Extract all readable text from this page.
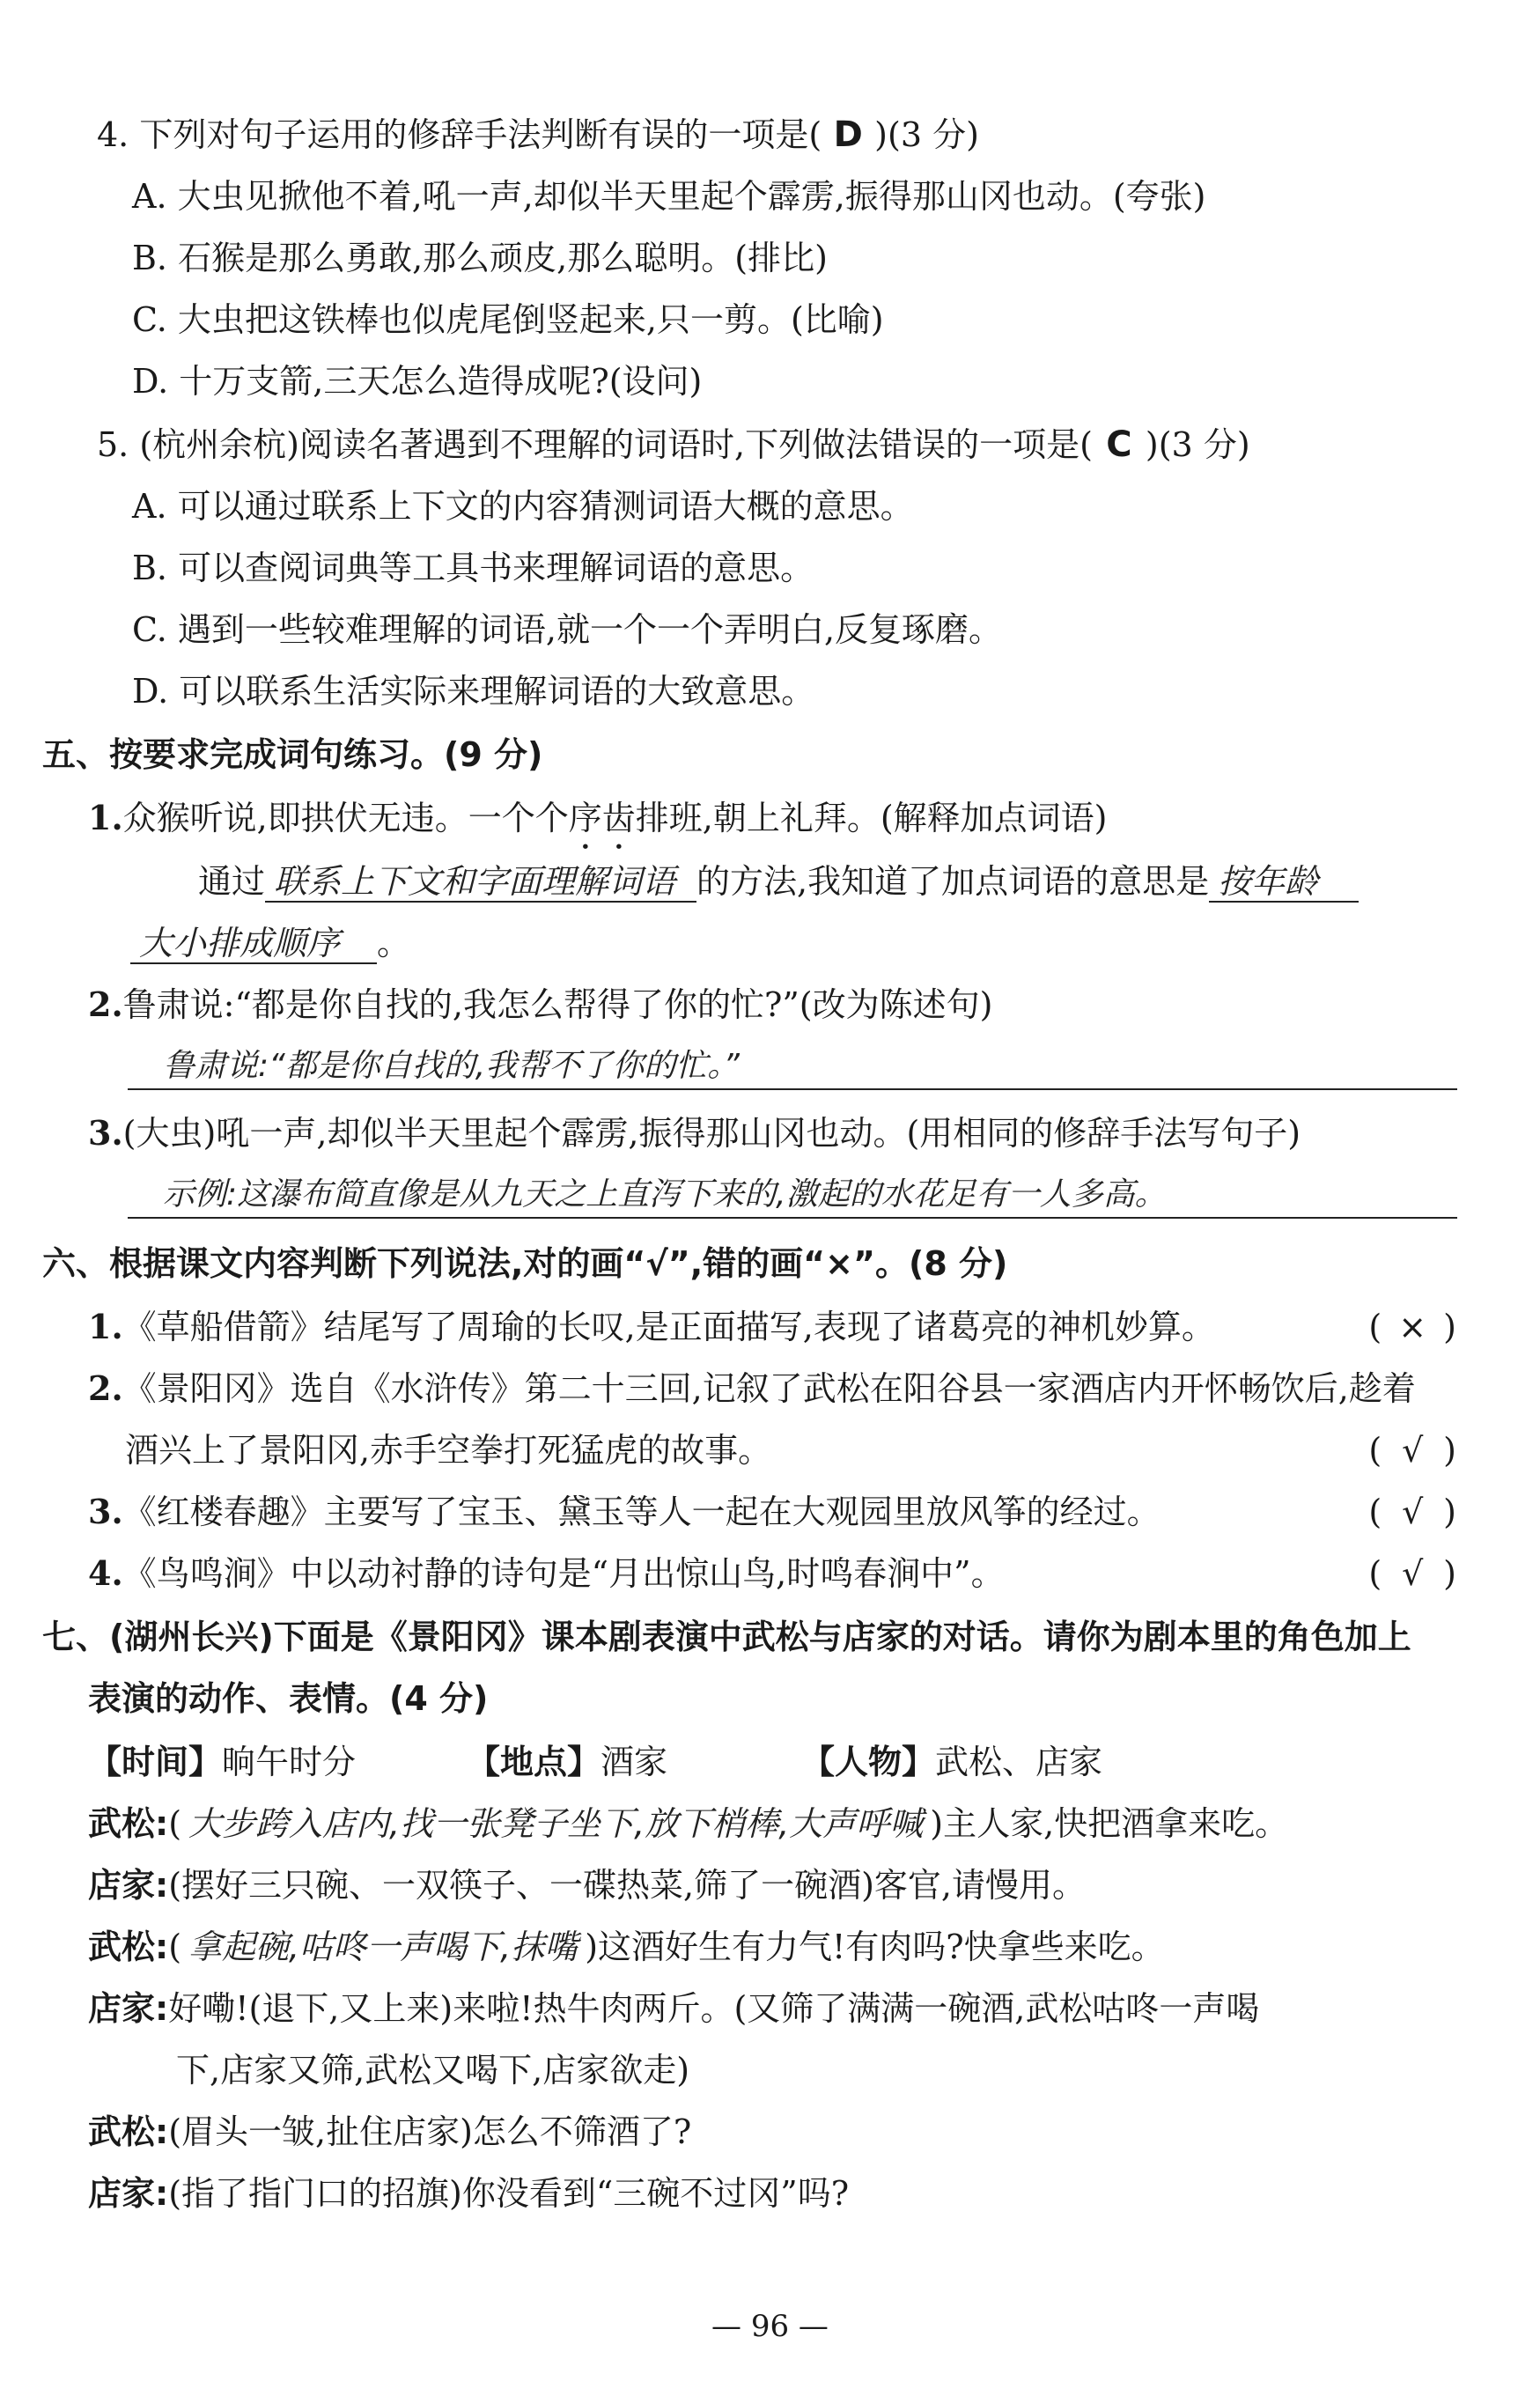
4. 下列对句子运用的修辞手法判断有误的一项是( D )(3 分)
A. 大虫见掀他不着,吼一声,却似半天里起个霹雳,振得那山冈也动。(夸张)
B. 石猴是那么勇敢,那么顽皮,那么聪明。(排比)
C. 大虫把这铁棒也似虎尾倒竖起来,只一剪。(比喻)
D. 十万支箭,三天怎么造得成呢?(设问)
5. (杭州余杭)阅读名著遇到不理解的词语时,下列做法错误的一项是( C )(3 分)
A. 可以通过联系上下文的内容猜测词语大概的意思。
B. 可以查阅词典等工具书来理解词语的意思。
C. 遇到一些较难理解的词语,就一个一个弄明白,反复琢磨。
D. 可以联系生活实际来理解词语的大致意思。
五、按要求完成词句练习。(9 分)
1.众猴听说,即拱伏无违。一个个序齿排班,朝上礼拜。(解释加点词语)
通过 联系上下文和字面理解词语 的方法,我知道了加点词语的意思是 按年龄
大小排成顺序 。
2.鲁肃说:“都是你自找的,我怎么帮得了你的忙?”(改为陈述句)
鲁肃说:“都是你自找的,我帮不了你的忙。”
3.(大虫)吼一声,却似半天里起个霹雳,振得那山冈也动。(用相同的修辞手法写句子)
示例:这瀑布简直像是从九天之上直泻下来的,激起的水花足有一人多高。
六、根据课文内容判断下列说法,对的画“√”,错的画“×”。(8 分)
1.《草船借箭》结尾写了周瑜的长叹,是正面描写,表现了诸葛亮的神机妙算。	( × )
2.《景阳冈》选自《水浒传》第二十三回,记叙了武松在阳谷县一家酒店内开怀畅饮后,趁着
酒兴上了景阳冈,赤手空拳打死猛虎的故事。	( √ )
3.《红楼春趣》主要写了宝玉、黛玉等人一起在大观园里放风筝的经过。	( √ )
4.《鸟鸣涧》中以动衬静的诗句是“月出惊山鸟,时鸣春涧中”。	( √ )
七、(湖州长兴)下面是《景阳冈》课本剧表演中武松与店家的对话。请你为剧本里的角色加上
表演的动作、表情。(4 分)
【时间】晌午时分	【地点】酒家	【人物】武松、店家
武松:( 大步跨入店内,找一张凳子坐下,放下梢棒,大声呼喊 )主人家,快把酒拿来吃。
店家:(摆好三只碗、一双筷子、一碟热菜,筛了一碗酒)客官,请慢用。
武松:( 拿起碗,咕咚一声喝下,抹嘴 )这酒好生有力气!有肉吗?快拿些来吃。
店家:好嘞!(退下,又上来)来啦!热牛肉两斤。(又筛了满满一碗酒,武松咕咚一声喝
下,店家又筛,武松又喝下,店家欲走)
武松:(眉头一皱,扯住店家)怎么不筛酒了?
店家:(指了指门口的招旗)你没看到“三碗不过冈”吗?
— 96 —
